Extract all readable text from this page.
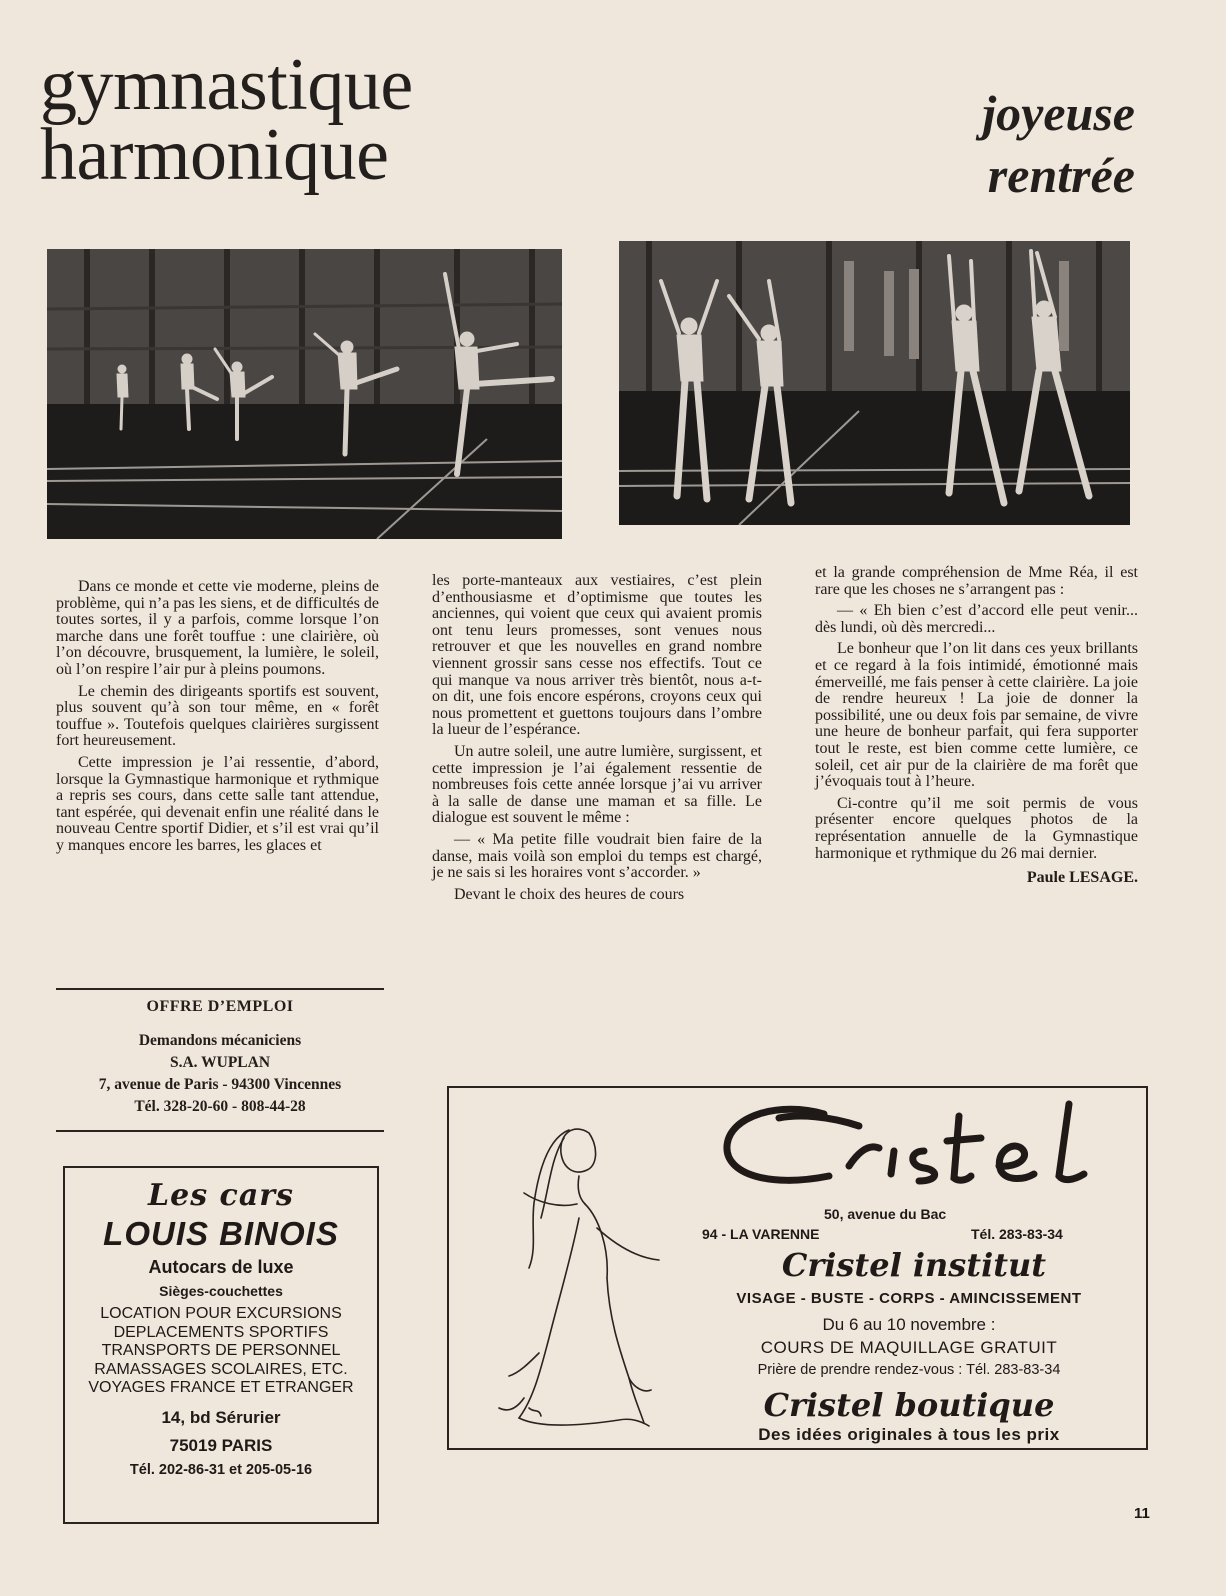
gymnastique
harmonique
joyeuse
rentrée

Dans ce monde et cette vie moderne, pleins de problème, qui n’a pas les siens, et de difficultés de toutes sortes, il y a parfois, comme lorsque l’on marche dans une forêt touffue : une clairière, où l’on découvre, brusquement, la lumière, le soleil, où l’on respire l’air pur à pleins poumons.

Le chemin des dirigeants sportifs est souvent, plus souvent qu’à son tour même, en « forêt touffue ». Toutefois quelques clairières surgissent fort heureusement.

Cette impression je l’ai ressentie, d’abord, lorsque la Gymnastique harmonique et rythmique a repris ses cours, dans cette salle tant attendue, tant espérée, qui devenait enfin une réalité dans le nouveau Centre sportif Didier, et s’il est vrai qu’il y manques encore les barres, les glaces et

les porte-manteaux aux vestiaires, c’est plein d’enthousiasme et d’optimisme que toutes les anciennes, qui voient que ceux qui avaient promis ont tenu leurs promesses, sont venues nous retrouver et que les nouvelles en grand nombre viennent grossir sans cesse nos effectifs. Tout ce qui manque va nous arriver très bientôt, nous a-t-on dit, une fois encore espérons, croyons ceux qui nous promettent et guettons toujours dans l’ombre la lueur de l’espérance.

Un autre soleil, une autre lumière, surgissent, et cette impression je l’ai également ressentie de nombreuses fois cette année lorsque j’ai vu arriver à la salle de danse une maman et sa fille. Le dialogue est souvent le même :

— « Ma petite fille voudrait bien faire de la danse, mais voilà son emploi du temps est chargé, je ne sais si les horaires vont s’accorder. »

Devant le choix des heures de cours

et la grande compréhension de Mme Réa, il est rare que les choses ne s’arrangent pas :

— « Eh bien c’est d’accord elle peut venir... dès lundi, où dès mercredi...

Le bonheur que l’on lit dans ces yeux brillants et ce regard à la fois intimidé, émotionné mais émerveillé, me fais penser à cette clairière. La joie de rendre heureux ! La joie de donner la possibilité, une ou deux fois par semaine, de vivre une heure de bonheur parfait, qui fera supporter tout le reste, est bien comme cette lumière, ce soleil, cet air pur de la clairière de ma forêt que j’évoquais tout à l’heure.

Ci-contre qu’il me soit permis de vous présenter encore quelques photos de la représentation annuelle de la Gymnastique harmonique et rythmique du 26 mai dernier.

Paule LESAGE.
OFFRE D’EMPLOI
Demandons mécaniciens
S.A. WUPLAN
7, avenue de Paris - 94300 Vincennes
Tél. 328-20-60 - 808-44-28
Les cars
LOUIS BINOIS
Autocars de luxe
Sièges-couchettes
LOCATION POUR EXCURSIONS
DEPLACEMENTS SPORTIFS
TRANSPORTS DE PERSONNEL
RAMASSAGES SCOLAIRES, ETC.
VOYAGES FRANCE ET ETRANGER
14, bd Sérurier
75019 PARIS
Tél. 202-86-31 et 205-05-16
50, avenue du Bac
94 - LA VARENNE	Tél. 283-83-34
Cristel institut
VISAGE - BUSTE - CORPS - AMINCISSEMENT
Du 6 au 10 novembre :
COURS DE MAQUILLAGE GRATUIT
Prière de prendre rendez-vous : Tél. 283-83-34
Cristel boutique
Des idées originales à tous les prix
11
